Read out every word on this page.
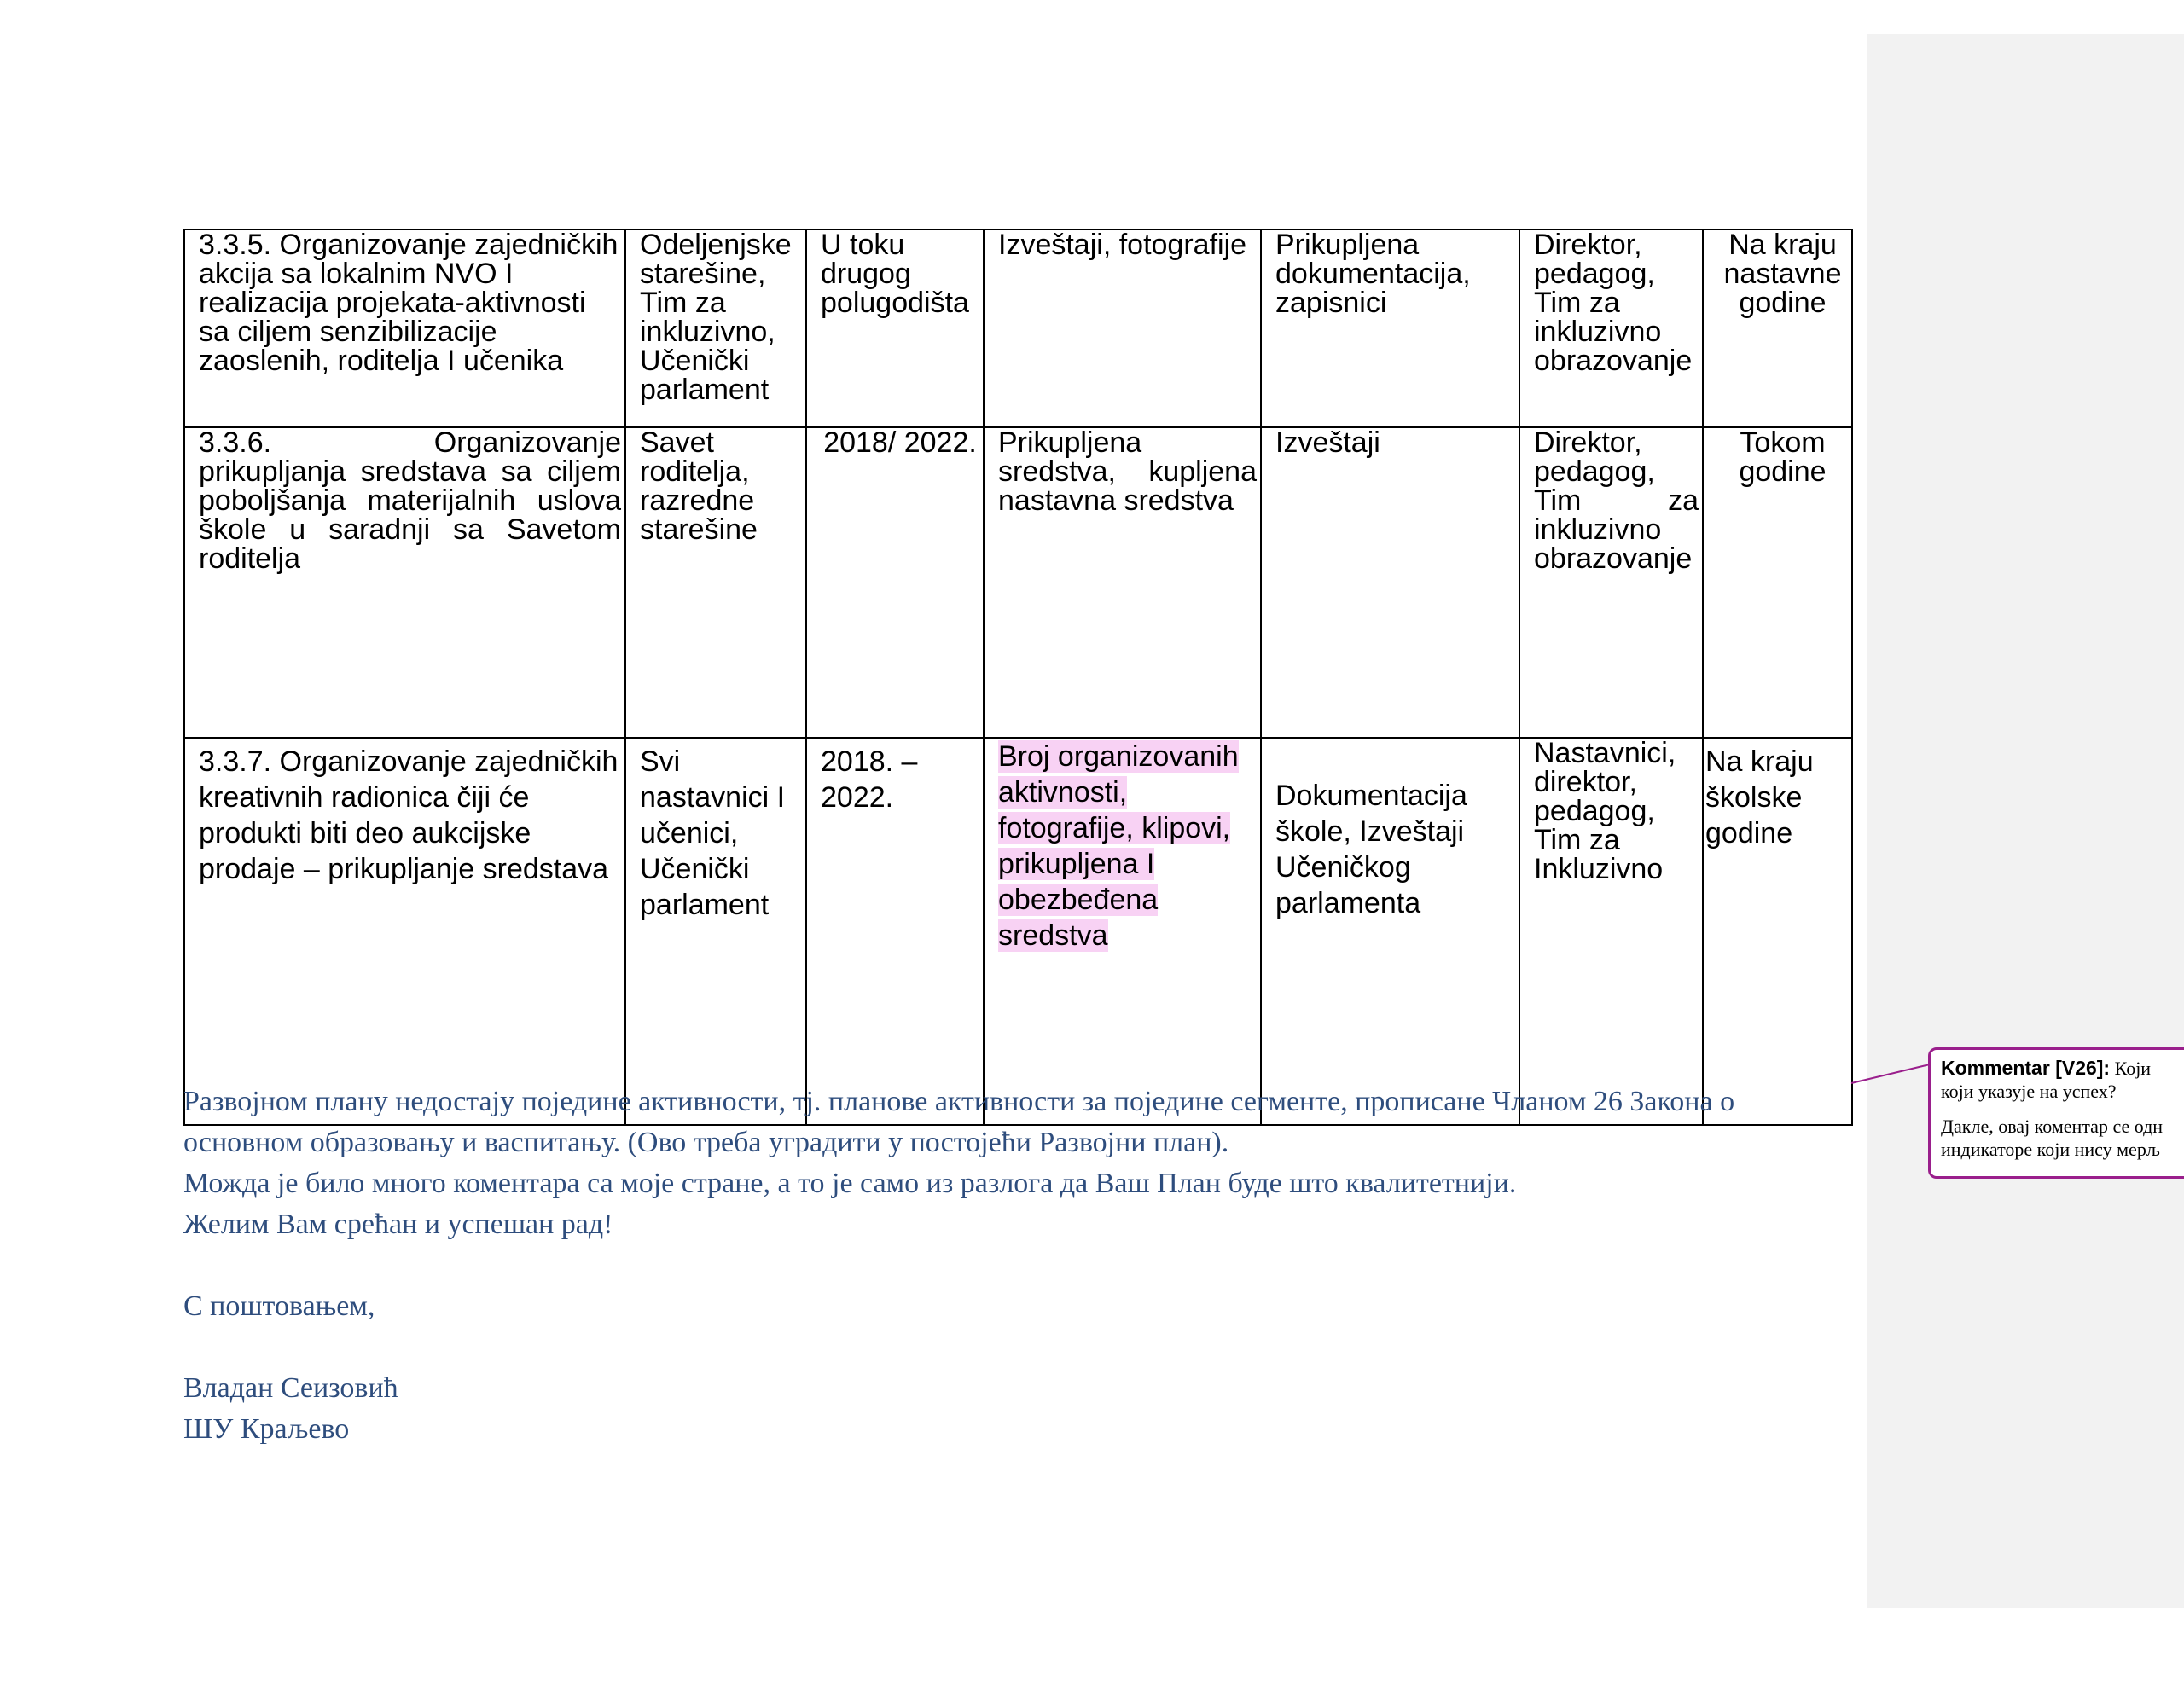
3.3.5. Organizovanje zajedničkih akcija sa lokalnim NVO I realizacija projekata-aktivnosti sa ciljem senzibilizacije zaoslenih, roditelja I učenika	Odeljenjske starešine, Tim za inkluzivno, Učenički parlament	U toku drugog polugodišta	Izveštaji, fotografije	Prikupljena dokumentacija, zapisnici	Direktor, pedagog, Tim za inkluzivno obrazovanje	Na kraju nastavne godine
3.3.6. Organizovanje prikupljanja sredstava sa ciljem poboljšanja materijalnih uslova škole u saradnji sa Savetom roditelja	Savet roditelja, razredne starešine	2018/ 2022.	Prikupljena sredstva, kupljena nastavna sredstva	Izveštaji	Direktor, pedagog, Tim za inkluzivno obrazovanje	Tokom godine
3.3.7. Organizovanje zajedničkih kreativnih radionica čiji će produkti biti deo aukcijske prodaje – prikupljanje sredstava	Svi nastavnici I učenici, Učenički parlament	2018. – 2022.	Broj organizovanih aktivnosti, fotografije, klipovi, prikupljena I obezbeđena sredstva	Dokumentacija škole, Izveštaji Učeničkog parlamenta	Nastavnici, direktor, pedagog, Tim za Inkluzivno	Na kraju školske godine

Развојном плану недостају поједине активности, тј. планове активности за поједине сегменте, прописане Чланом 26 Закона о основном образовању и васпитању. (Ово треба уградити у постојећи Развојни план).

Можда је било много коментара са моје стране, а то је само из разлога да Ваш План буде што квалитетнији.

Желим Вам срећан и успешан рад!

С поштовањем,

Владан Сеизовић

ШУ Краљево

Kommentar [V26]: Који

који указује на успех?

Дакле, овај коментар се одн

индикаторе који нису мерљ
